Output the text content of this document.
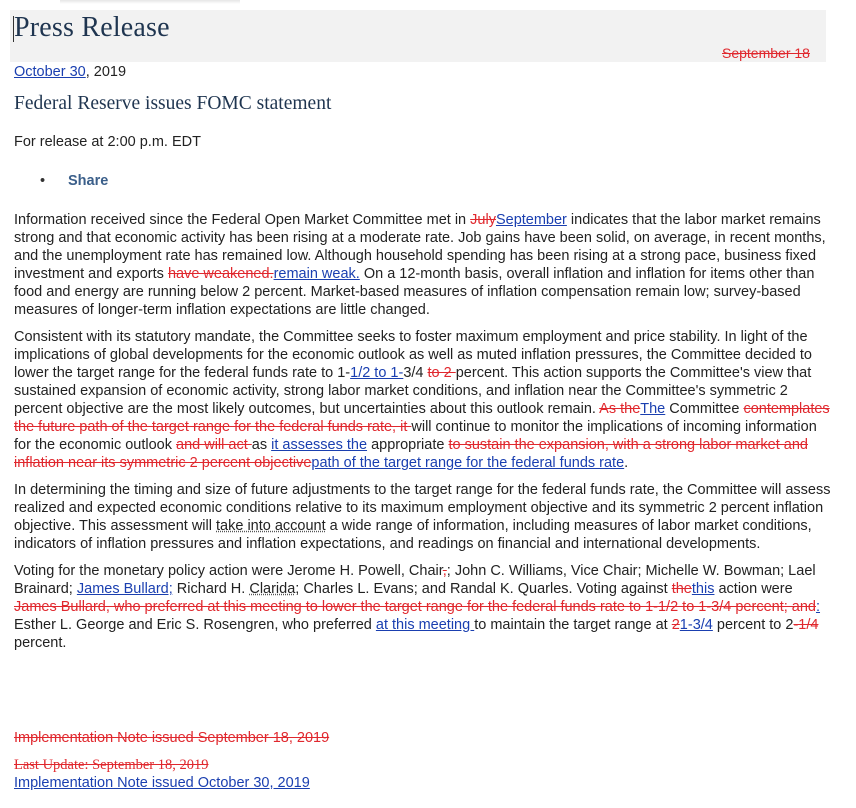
Press Release
September 18
October 30, 2019
Federal Reserve issues FOMC statement
For release at 2:00 p.m. EDT
• Share

Information received since the Federal Open Market Committee met in JulySeptember indicates that the labor market remains strong and that economic activity has been rising at a moderate rate. Job gains have been solid, on average, in recent months, and the unemployment rate has remained low. Although household spending has been rising at a strong pace, business fixed investment and exports have weakened.remain weak. On a 12-month basis, overall inflation and inflation for items other than food and energy are running below 2 percent. Market-based measures of inflation compensation remain low; survey-based measures of longer-term inflation expectations are little changed.

Consistent with its statutory mandate, the Committee seeks to foster maximum employment and price stability. In light of the implications of global developments for the economic outlook as well as muted inflation pressures, the Committee decided to lower the target range for the federal funds rate to 1-1/2 to 1-3/4 to 2 percent. This action supports the Committee's view that sustained expansion of economic activity, strong labor market conditions, and inflation near the Committee's symmetric 2 percent objective are the most likely outcomes, but uncertainties about this outlook remain. As theThe Committee contemplates the future path of the target range for the federal funds rate, it will continue to monitor the implications of incoming information for the economic outlook and will act as it assesses the appropriate to sustain the expansion, with a strong labor market and inflation near its symmetric 2 percent objectivepath of the target range for the federal funds rate.

In determining the timing and size of future adjustments to the target range for the federal funds rate, the Committee will assess realized and expected economic conditions relative to its maximum employment objective and its symmetric 2 percent inflation objective. This assessment will take into account a wide range of information, including measures of labor market conditions, indicators of inflation pressures and inflation expectations, and readings on financial and international developments.

Voting for the monetary policy action were Jerome H. Powell, Chair,; John C. Williams, Vice Chair; Michelle W. Bowman; Lael Brainard; James Bullard; Richard H. Clarida; Charles L. Evans; and Randal K. Quarles. Voting against thethis action were James Bullard, who preferred at this meeting to lower the target range for the federal funds rate to 1-1/2 to 1-3/4 percent; and: Esther L. George and Eric S. Rosengren, who preferred at this meeting to maintain the target range at 21-3/4 percent to 2-1/4 percent.

Implementation Note issued September 18, 2019
Last Update: September 18, 2019
Implementation Note issued October 30, 2019
